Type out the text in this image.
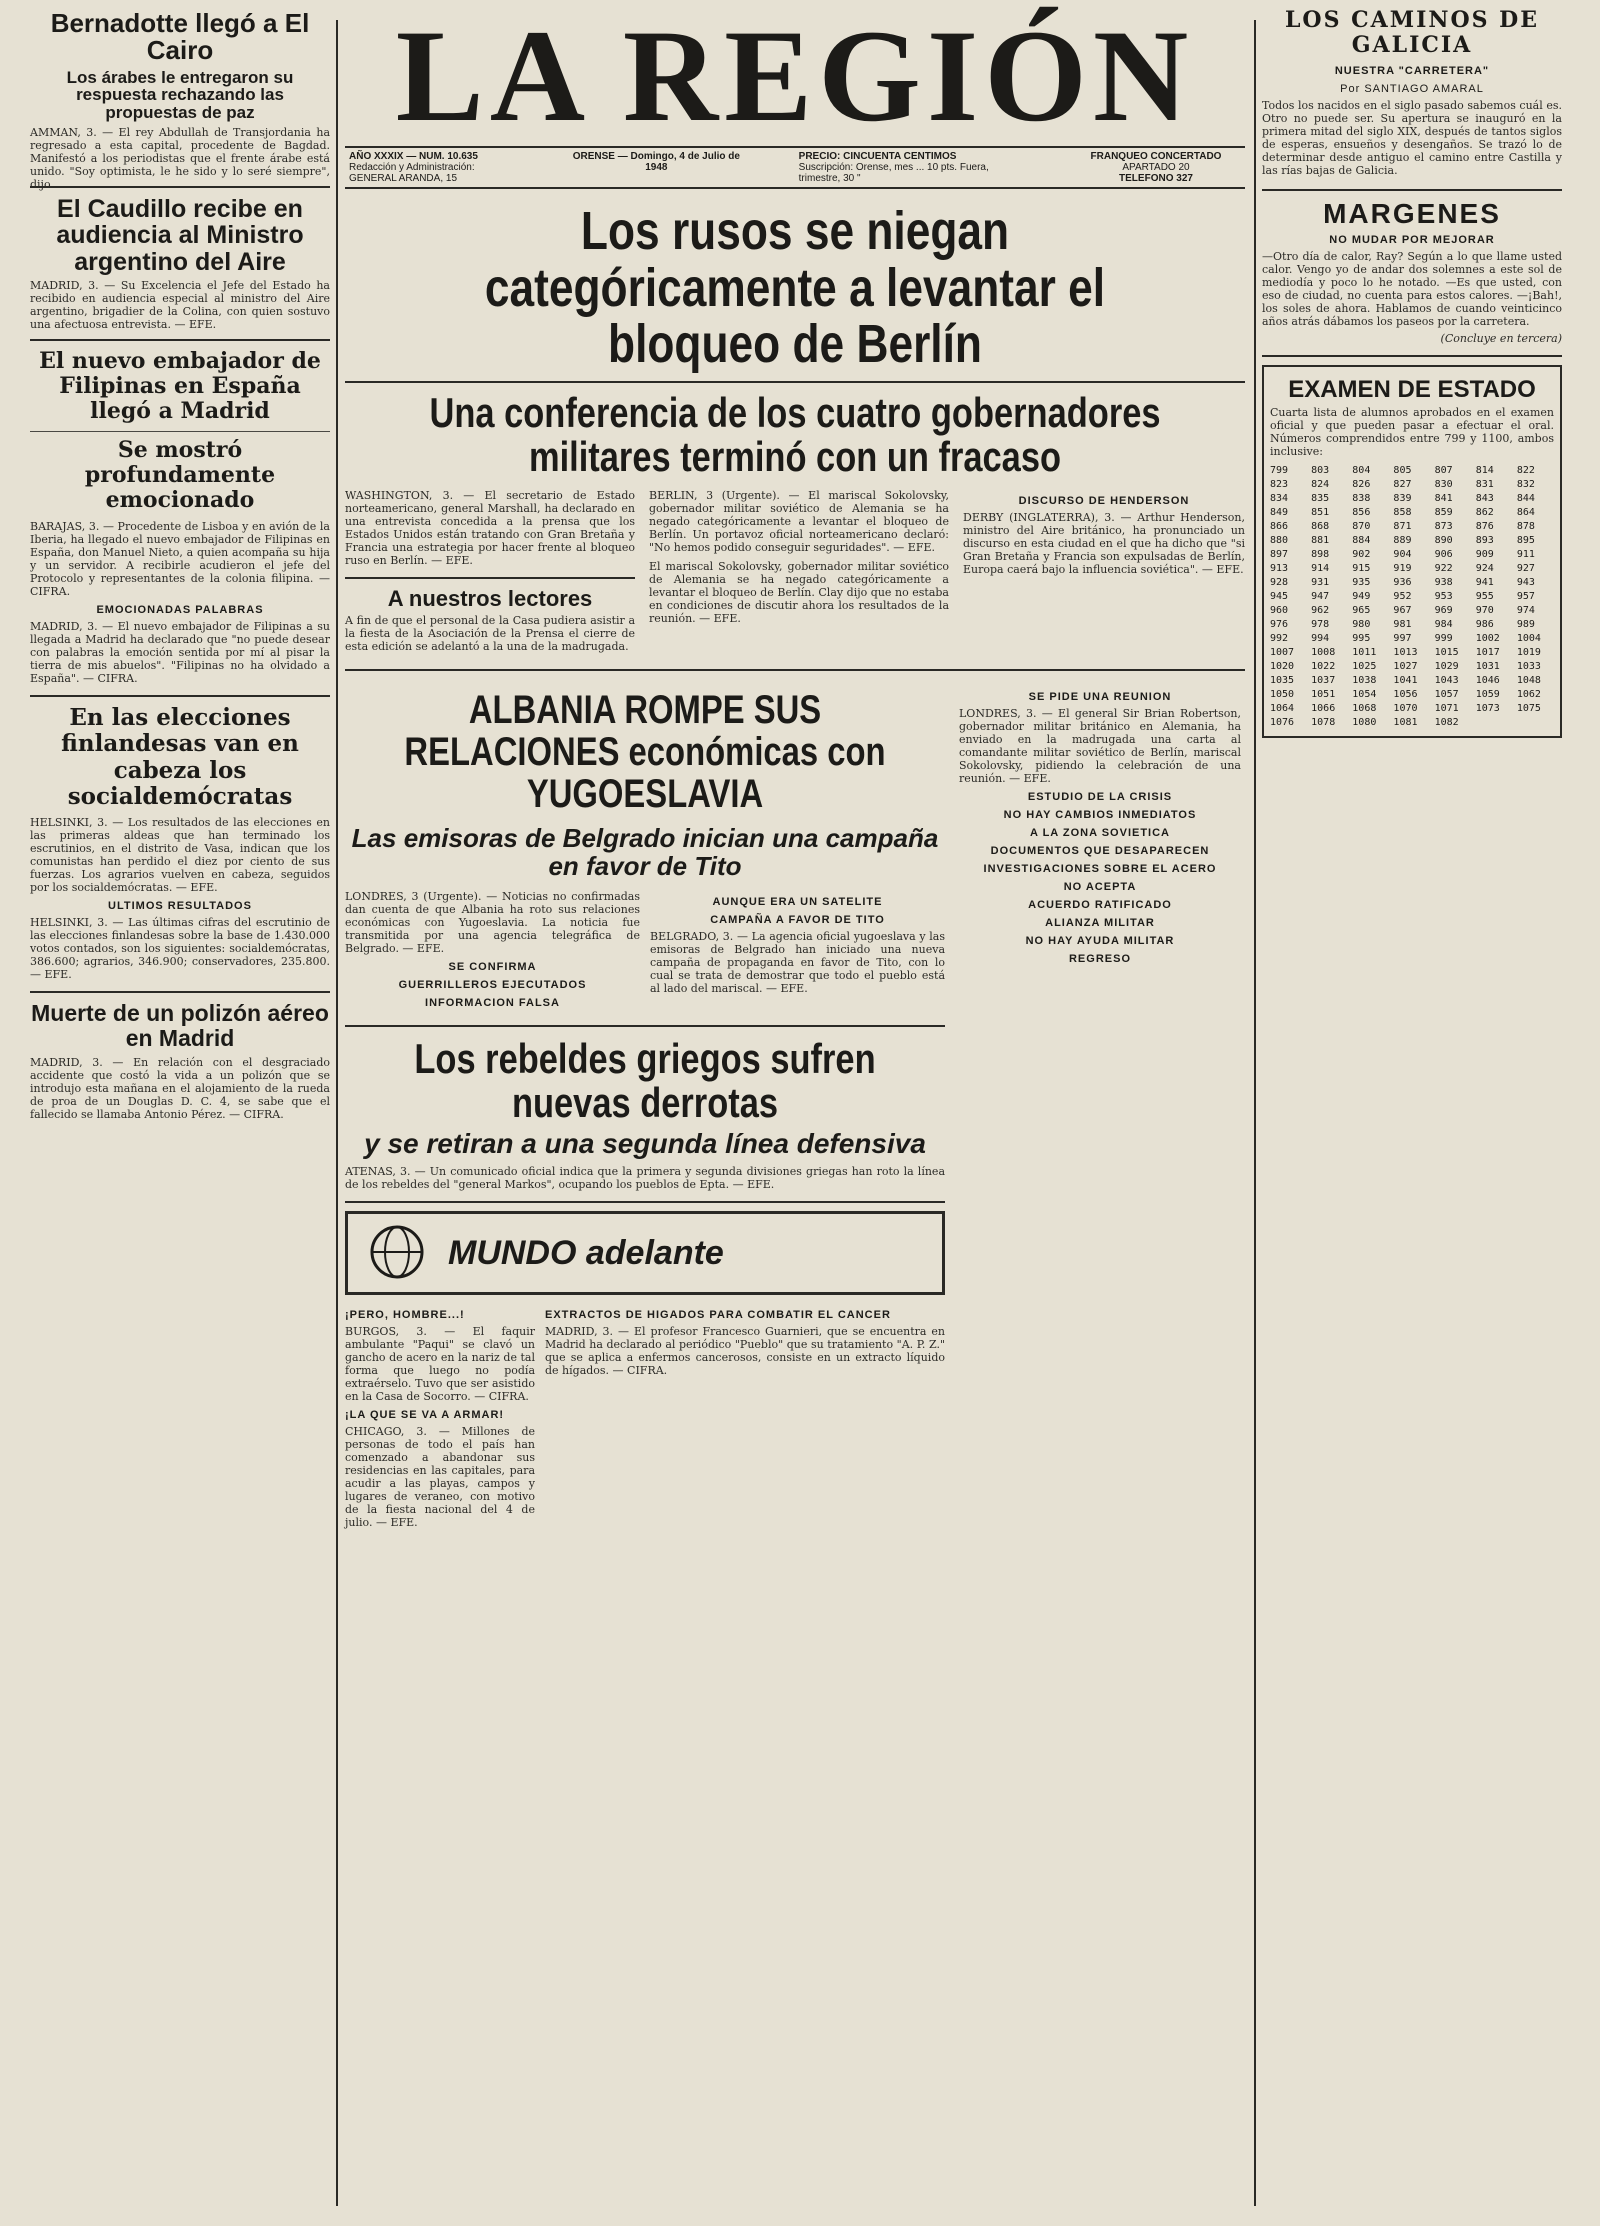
Bernadotte llegó a El Cairo
Los árabes le entregaron su respuesta rechazando las propuestas de paz
AMMAN, 3. — El rey Abdullah de Transjordania ha regresado a esta capital, procedente de Bagdad. Manifestó a los periodistas que el frente árabe está unido. "Soy optimista, le he sido y lo seré siempre", dijo.
El Caudillo recibe en audiencia al Ministro argentino del Aire
MADRID, 3. — Su Excelencia el Jefe del Estado ha recibido en audiencia especial al ministro del Aire argentino, brigadier de la Colina, con quien sostuvo una afectuosa entrevista. — EFE.
El nuevo embajador de Filipinas en España llegó a Madrid
Se mostró profundamente emocionado
BARAJAS, 3. — Procedente de Lisboa y en avión de la Iberia, ha llegado el nuevo embajador de Filipinas en España, don Manuel Nieto, a quien acompaña su hija y un servidor. A recibirle acudieron el jefe del Protocolo y representantes de la colonia filipina. — CIFRA.
EMOCIONADAS PALABRAS
MADRID, 3. — El nuevo embajador de Filipinas a su llegada a Madrid ha declarado que "no puede desear con palabras la emoción sentida por mí al pisar la tierra de mis abuelos". "Filipinas no ha olvidado a España". — CIFRA.
En las elecciones finlandesas van en cabeza los socialdemócratas
HELSINKI, 3. — Los resultados de las elecciones en las primeras aldeas que han terminado los escrutinios, en el distrito de Vasa, indican que los comunistas han perdido el diez por ciento de sus fuerzas. Los agrarios vuelven en cabeza, seguidos por los socialdemócratas. — EFE.
ULTIMOS RESULTADOS
HELSINKI, 3. — Las últimas cifras del escrutinio de las elecciones finlandesas sobre la base de 1.430.000 votos contados, son los siguientes: socialdemócratas, 386.600; agrarios, 346.900; conservadores, 235.800. — EFE.
Muerte de un polizón aéreo en Madrid
MADRID, 3. — En relación con el desgraciado accidente que costó la vida a un polizón que se introdujo esta mañana en el alojamiento de la rueda de proa de un Douglas D. C. 4, se sabe que el fallecido se llamaba Antonio Pérez. — CIFRA.
LA REGIÓN
AÑO XXXIX — NUM. 10.635
Redacción y Administración: GENERAL ARANDA, 15
ORENSE — Domingo, 4 de Julio de 1948
PRECIO: CINCUENTA CENTIMOS
Suscripción: Orense, mes ... 10 pts. Fuera, trimestre, 30 "
FRANQUEO CONCERTADO
APARTADO 20
TELEFONO 327
Los rusos se niegan categóricamente a levantar el bloqueo de Berlín
Una conferencia de los cuatro gobernadores militares terminó con un fracaso
WASHINGTON, 3. — El secretario de Estado norteamericano, general Marshall, ha declarado en una entrevista concedida a la prensa que los Estados Unidos están tratando con Gran Bretaña y Francia una estrategia por hacer frente al bloqueo ruso en Berlín. — EFE.
A nuestros lectores
A fin de que el personal de la Casa pudiera asistir a la fiesta de la Asociación de la Prensa el cierre de esta edición se adelantó a la una de la madrugada.
BERLIN, 3 (Urgente). — El mariscal Sokolovsky, gobernador militar soviético de Alemania se ha negado categóricamente a levantar el bloqueo de Berlín. Un portavoz oficial norteamericano declaró: "No hemos podido conseguir seguridades". — EFE.
El mariscal Sokolovsky, gobernador militar soviético de Alemania se ha negado categóricamente a levantar el bloqueo de Berlín. Clay dijo que no estaba en condiciones de discutir ahora los resultados de la reunión. — EFE.
DISCURSO DE HENDERSON
DERBY (INGLATERRA), 3. — Arthur Henderson, ministro del Aire británico, ha pronunciado un discurso en esta ciudad en el que ha dicho que "si Gran Bretaña y Francia son expulsadas de Berlín, Europa caerá bajo la influencia soviética". — EFE.
ALBANIA ROMPE SUS RELACIONES económicas con YUGOESLAVIA
Las emisoras de Belgrado inician una campaña en favor de Tito
LONDRES, 3 (Urgente). — Noticias no confirmadas dan cuenta de que Albania ha roto sus relaciones económicas con Yugoeslavia. La noticia fue transmitida por una agencia telegráfica de Belgrado. — EFE.
SE CONFIRMA
GUERRILLEROS EJECUTADOS
INFORMACION FALSA
AUNQUE ERA UN SATELITE
CAMPAÑA A FAVOR DE TITO
BELGRADO, 3. — La agencia oficial yugoeslava y las emisoras de Belgrado han iniciado una nueva campaña de propaganda en favor de Tito, con lo cual se trata de demostrar que todo el pueblo está al lado del mariscal. — EFE.
Los rebeldes griegos sufren nuevas derrotas
y se retiran a una segunda línea defensiva
ATENAS, 3. — Un comunicado oficial indica que la primera y segunda divisiones griegas han roto la línea de los rebeldes del "general Markos", ocupando los pueblos de Epta. — EFE.
MUNDO adelante
¡PERO, HOMBRE...!
BURGOS, 3. — El faquir ambulante "Paqui" se clavó un gancho de acero en la nariz de tal forma que luego no podía extraérselo. Tuvo que ser asistido en la Casa de Socorro. — CIFRA.
¡LA QUE SE VA A ARMAR!
CHICAGO, 3. — Millones de personas de todo el país han comenzado a abandonar sus residencias en las capitales, para acudir a las playas, campos y lugares de veraneo, con motivo de la fiesta nacional del 4 de julio. — EFE.
EXTRACTOS DE HIGADOS PARA COMBATIR EL CANCER
MADRID, 3. — El profesor Francesco Guarnieri, que se encuentra en Madrid ha declarado al periódico "Pueblo" que su tratamiento "A. P. Z." que se aplica a enfermos cancerosos, consiste en un extracto líquido de hígados. — CIFRA.
SE PIDE UNA REUNION
LONDRES, 3. — El general Sir Brian Robertson, gobernador militar británico en Alemania, ha enviado en la madrugada una carta al comandante militar soviético de Berlín, mariscal Sokolovsky, pidiendo la celebración de una reunión. — EFE.
ESTUDIO DE LA CRISIS
NO HAY CAMBIOS INMEDIATOS
A LA ZONA SOVIETICA
DOCUMENTOS QUE DESAPARECEN
INVESTIGACIONES SOBRE EL ACERO
NO ACEPTA
ACUERDO RATIFICADO
ALIANZA MILITAR
NO HAY AYUDA MILITAR
REGRESO
LOS CAMINOS DE GALICIA
NUESTRA "CARRETERA"
Por SANTIAGO AMARAL
Todos los nacidos en el siglo pasado sabemos cuál es. Otro no puede ser. Su apertura se inauguró en la primera mitad del siglo XIX, después de tantos siglos de esperas, ensueños y desengaños. Se trazó lo de determinar desde antiguo el camino entre Castilla y las rías bajas de Galicia.
MARGENES
NO MUDAR POR MEJORAR
—Otro día de calor, Ray? Según a lo que llame usted calor. Vengo yo de andar dos solemnes a este sol de mediodía y poco lo he notado. —Es que usted, con eso de ciudad, no cuenta para estos calores. —¡Bah!, los soles de ahora. Hablamos de cuando veinticinco años atrás dábamos los paseos por la carretera.
(Concluye en tercera)
EXAMEN DE ESTADO
Cuarta lista de alumnos aprobados en el examen oficial y que pueden pasar a efectuar el oral. Números comprendidos entre 799 y 1100, ambos inclusive:
799	803	804	805	807	814	822
823	824	826	827	830	831	832
834	835	838	839	841	843	844
849	851	856	858	859	862	864
866	868	870	871	873	876	878
880	881	884	889	890	893	895
897	898	902	904	906	909	911
913	914	915	919	922	924	927
928	931	935	936	938	941	943
945	947	949	952	953	955	957
960	962	965	967	969	970	974
976	978	980	981	984	986	989
992	994	995	997	999	1002	1004
1007	1008	1011	1013	1015	1017	1019
1020	1022	1025	1027	1029	1031	1033
1035	1037	1038	1041	1043	1046	1048
1050	1051	1054	1056	1057	1059	1062
1064	1066	1068	1070	1071	1073	1075
1076	1078	1080	1081	1082
